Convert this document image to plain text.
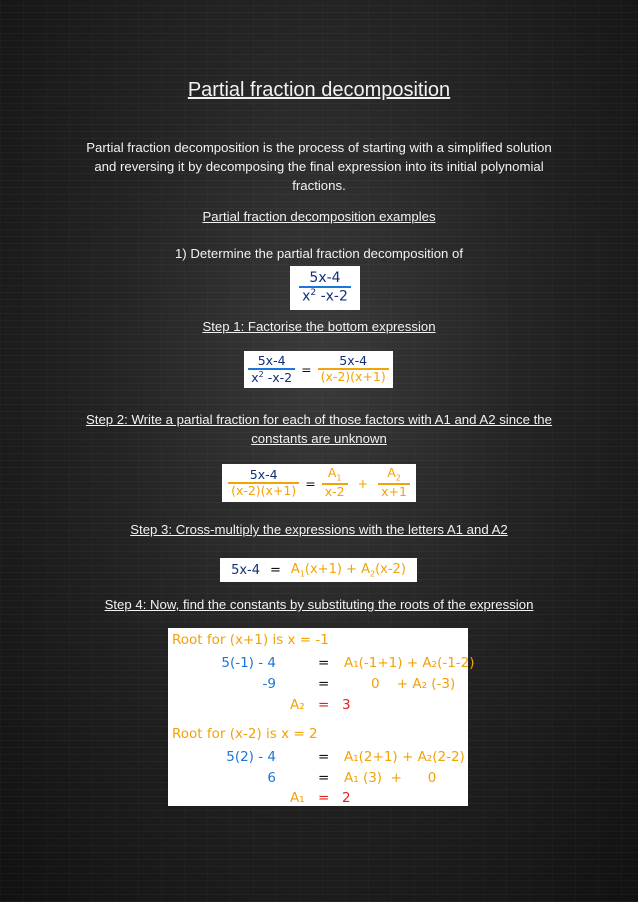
Partial fraction decomposition
Partial fraction decomposition is the process of starting with a simplified solution and reversing it by decomposing the final expression into its initial polynomial fractions.
Partial fraction decomposition examples
1) Determine the partial fraction decomposition of
$\frac{5x-4}{x^2 -x-2}$
Step 1: Factorise the bottom expression
$\frac{5x-4}{x^2 -x-2} = \frac{5x-4}{(x-2)(x+1)}$
Step 2: Write a partial fraction for each of those factors with A1 and A2 since the constants are unknown
$\frac{5x-4}{(x-2)(x+1)} = \frac{A_1}{x-2} + \frac{A_2}{x+1}$
Step 3: Cross-multiply the expressions with the letters A1 and A2
$5x-4 = A_1(x+1) + A_2(x-2)$
Step 4: Now, find the constants by substituting the roots of the expression
Root for (x+1) is x = -1
5(-1) - 4	= A₁(-1+1) + A₂(-1-2)
-9	=	0    + A₂ (-3)
A₂ = 3
Root for (x-2) is x = 2
5(2) - 4	= A₁(2+1) + A₂(2-2)
6	= A₁ (3)  +      0
A₁ = 2
